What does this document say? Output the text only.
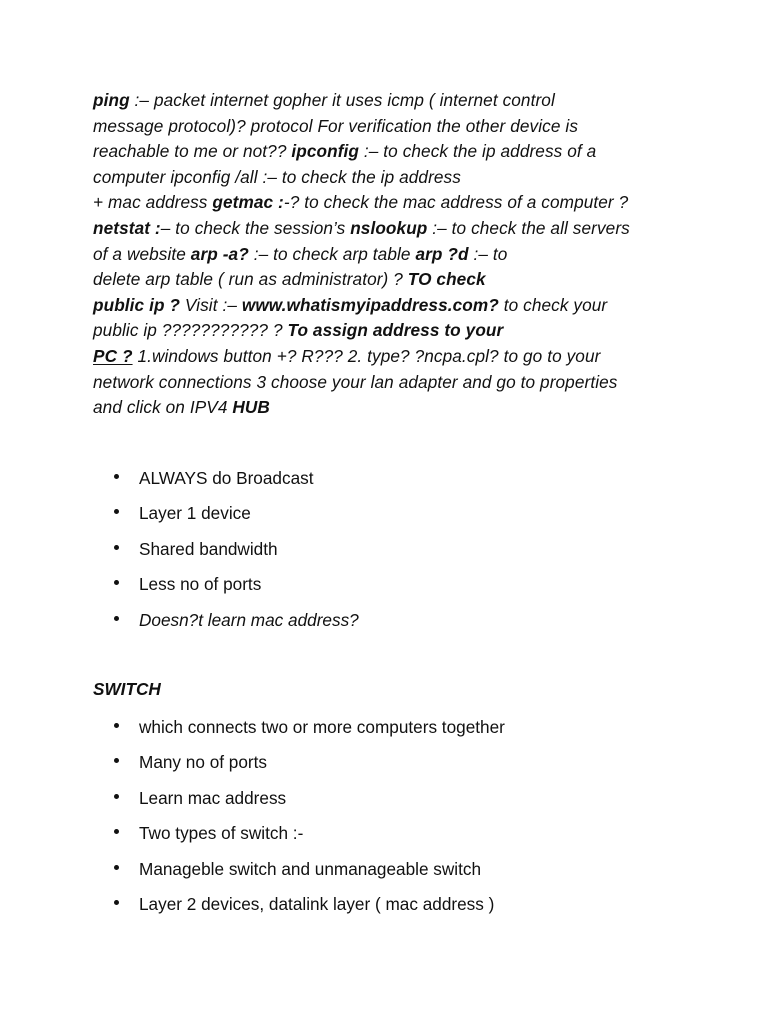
ping :– packet internet gopher it uses icmp ( internet control
message protocol)? protocol For verification the other device is
reachable to me or not?? ipconfig :– to check the ip address of a
computer ipconfig /all :– to check the ip address
+ mac address getmac :-? to check the mac address of a computer ?
netstat :– to check the session’s nslookup :– to check the all servers
of a website arp -a? :– to check arp table arp ?d :– to
delete arp table ( run as administrator) ? TO check
public ip ? Visit :– www.whatismyipaddress.com? to check your
public ip ??????????? ? To assign address to your
PC ? 1.windows button +? R??? 2. type? ?ncpa.cpl? to go to your
network connections 3 choose your lan adapter and go to properties
and click on IPV4 HUB
ALWAYS do Broadcast
Layer 1 device
Shared bandwidth
Less no of ports
Doesn?t learn mac address?
SWITCH
which connects two or more computers together
Many no of ports
Learn mac address
Two types of switch :-
Manageble switch and unmanageable switch
Layer 2 devices, datalink layer ( mac address )
